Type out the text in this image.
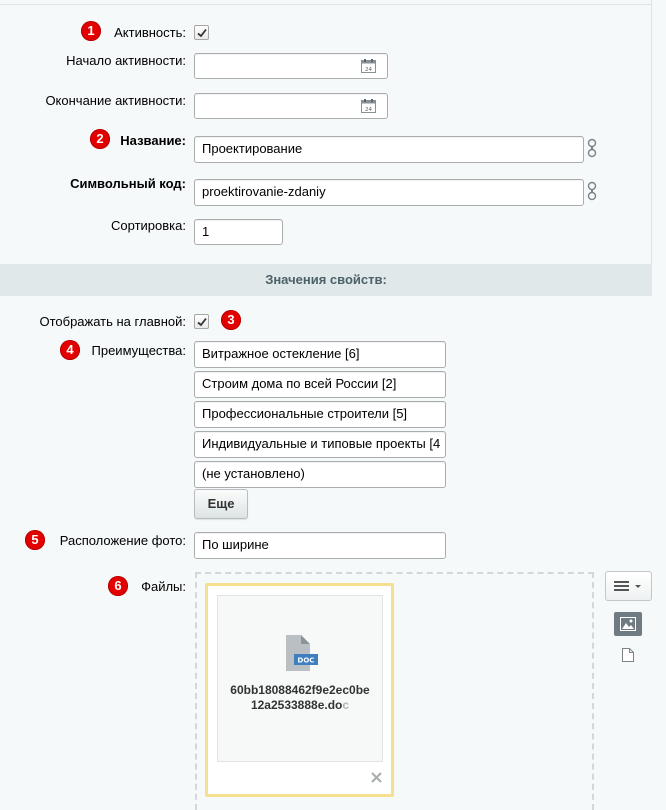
1	Активность:
Начало активности:
24
Окончание активности:
24
2	Название:
Проектирование
Символьный код:
proektirovanie-zdaniy
Сортировка:	1
Значения свойств:
Отображать на главной:	3
4	Преимущества:	Витражное остекление [6]
Строим дома по всей России [2]
Профессиональные строители [5]
Индивидуальные и типовые проекты [4
(не установлено)
Еще
5	Расположение фото:	По ширине
6	Файлы:
DOC
60bb18088462f9e2ec0be
12a2533888e.doc
